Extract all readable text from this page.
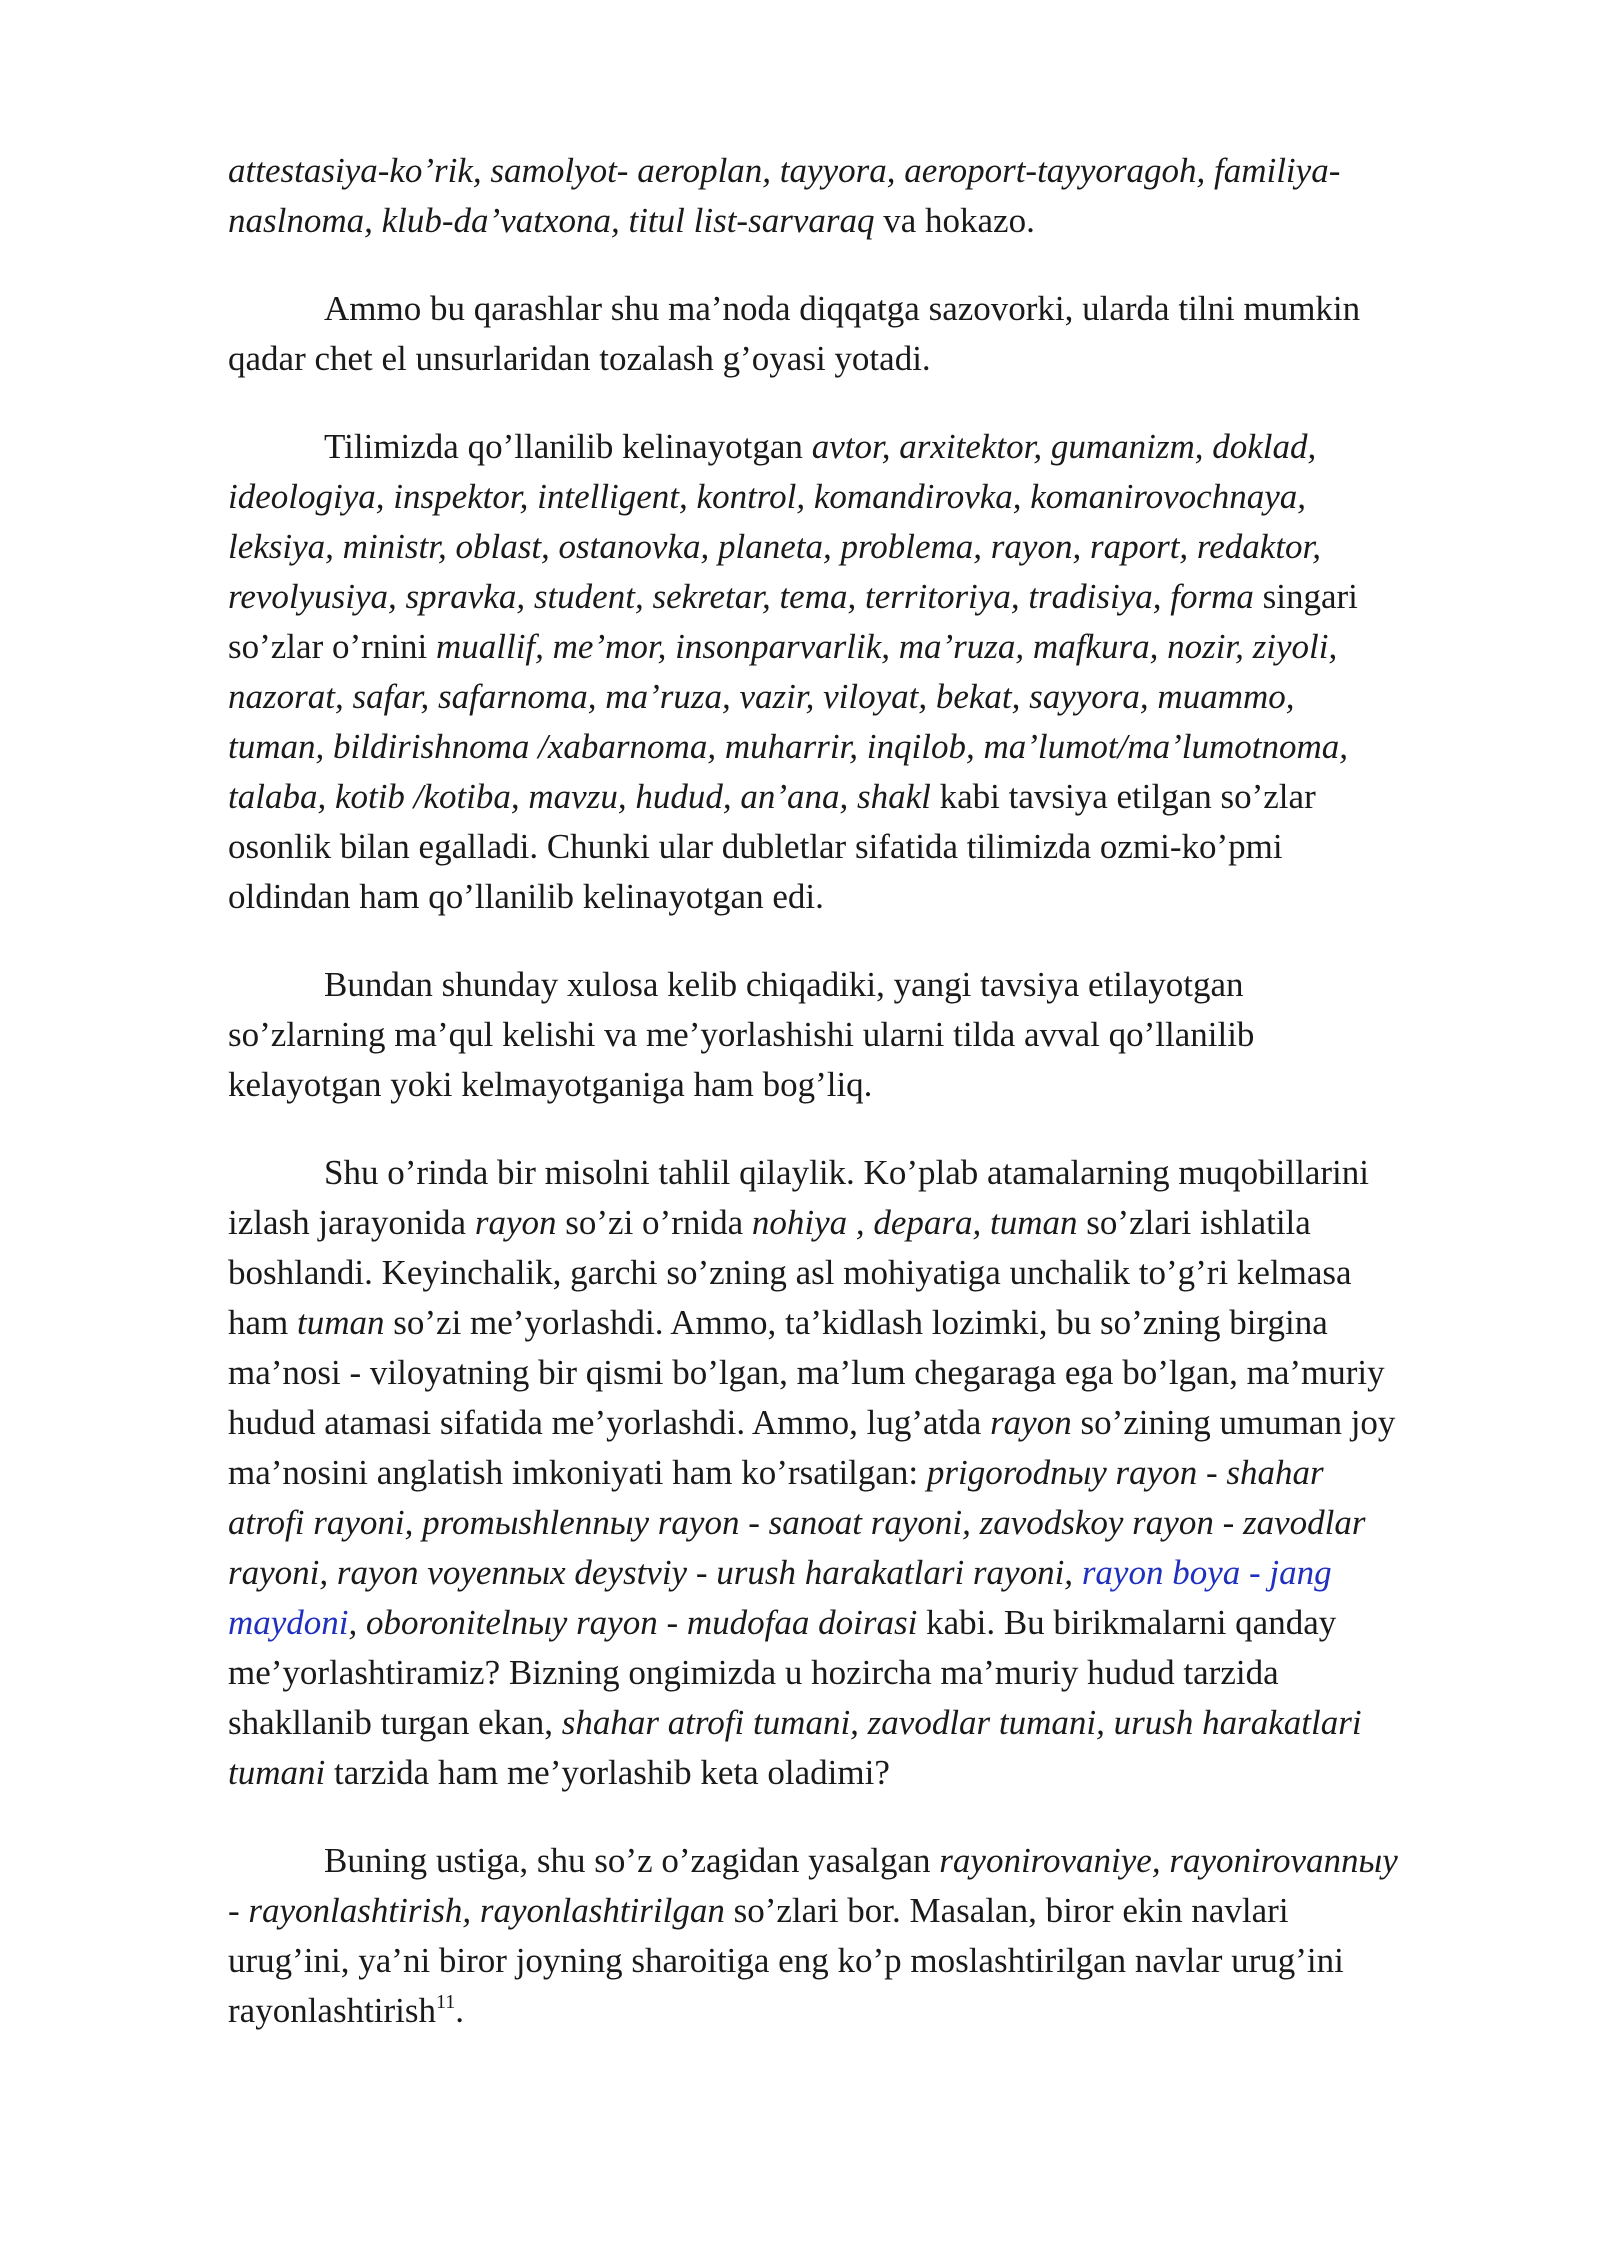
attestasiya-ko’rik, samolyot- aeroplan, tayyora, aeroport-tayyoragoh, familiya-
naslnoma, klub-da’vatxona, titul list-sarvaraq va hokazo.
Ammo bu qarashlar shu ma’noda diqqatga sazovorki, ularda tilni mumkin
qadar chet el unsurlaridan tozalash g’oyasi yotadi.
Tilimizda qo’llanilib kelinayotgan avtor, arxitektor, gumanizm, doklad,
ideologiya, inspektor, intelligent, kontrol, komandirovka, komanirovochnaya,
leksiya, ministr, oblast, ostanovka, planeta, problema, rayon, raport, redaktor,
revolyusiya, spravka, student, sekretar, tema, territoriya, tradisiya, forma singari
so’zlar o’rnini muallif, me’mor, insonparvarlik, ma’ruza, mafkura, nozir, ziyoli,
nazorat, safar, safarnoma, ma’ruza, vazir, viloyat, bekat, sayyora, muammo,
tuman, bildirishnoma /xabarnoma, muharrir, inqilob, ma’lumot/ma’lumotnoma,
talaba, kotib /kotiba, mavzu, hudud, an’ana, shakl kabi tavsiya etilgan so’zlar
osonlik bilan egalladi. Chunki ular dubletlar sifatida tilimizda ozmi-ko’pmi
oldindan ham qo’llanilib kelinayotgan edi.
Bundan shunday xulosa kelib chiqadiki, yangi tavsiya etilayotgan
so’zlarning ma’qul kelishi va me’yorlashishi ularni tilda avval qo’llanilib
kelayotgan yoki kelmayotganiga ham bog’liq.
Shu o’rinda bir misolni tahlil qilaylik. Ko’plab atamalarning muqobillarini
izlash jarayonida rayon so’zi o’rnida nohiya , depara, tuman so’zlari ishlatila
boshlandi. Keyinchalik, garchi so’zning asl mohiyatiga unchalik to’g’ri kelmasa
ham tuman so’zi me’yorlashdi. Ammo, ta’kidlash lozimki, bu so’zning birgina
ma’nosi - viloyatning bir qismi bo’lgan, ma’lum chegaraga ega bo’lgan, ma’muriy
hudud atamasi sifatida me’yorlashdi. Ammo, lug’atda rayon so’zining umuman joy
ma’nosini anglatish imkoniyati ham ko’rsatilgan: prigorodnыy rayon - shahar
atrofi rayoni, promыshlennыy rayon - sanoat rayoni, zavodskoy rayon - zavodlar
rayoni, rayon voyennыx deystviy - urush harakatlari rayoni, rayon boya - jang
maydoni, oboronitelnыy rayon - mudofaa doirasi kabi. Bu birikmalarni qanday
me’yorlashtiramiz? Bizning ongimizda u hozircha ma’muriy hudud tarzida
shakllanib turgan ekan, shahar atrofi tumani, zavodlar tumani, urush harakatlari
tumani tarzida ham me’yorlashib keta oladimi?
Buning ustiga, shu so’z o’zagidan yasalgan rayonirovaniye, rayonirovannыy
- rayonlashtirish, rayonlashtirilgan so’zlari bor. Masalan, biror ekin navlari
urug’ini, ya’ni biror joyning sharoitiga eng ko’p moslashtirilgan navlar urug’ini
rayonlashtirish$^{11}$.
